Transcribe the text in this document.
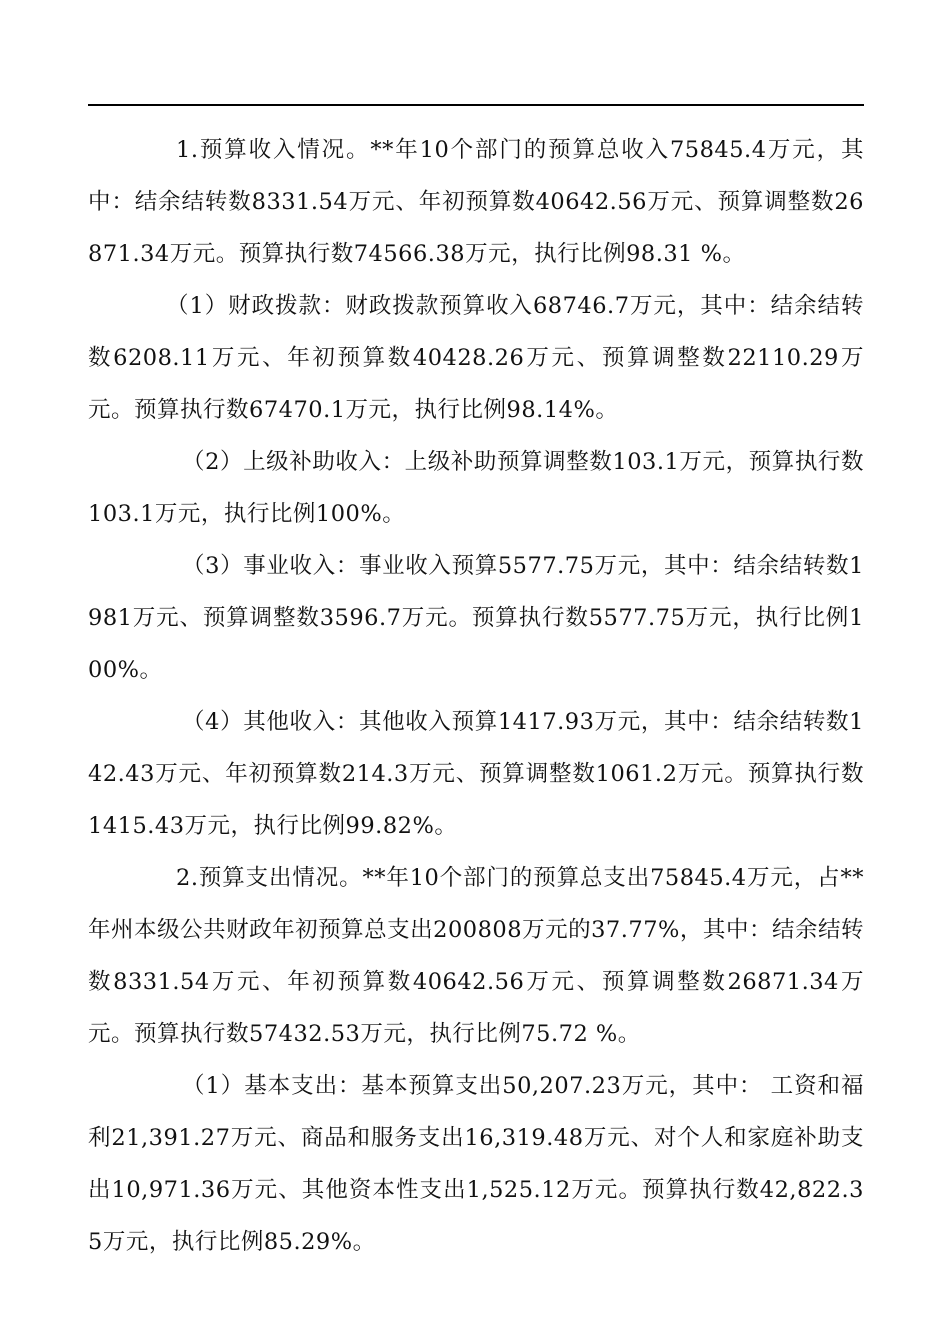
1.预算收入情况。**年10个部门的预算总收入75845.4万元，其中：结余结转数8331.54万元、年初预算数40642.56万元、预算调整数26871.34万元。预算执行数74566.38万元，执行比例98.31 %。

（1）财政拨款：财政拨款预算收入68746.7万元，其中：结余结转数6208.11万元、年初预算数40428.26万元、预算调整数22110.29万元。预算执行数67470.1万元，执行比例98.14%。

（2）上级补助收入：上级补助预算调整数103.1万元，预算执行数103.1万元，执行比例100%。

（3）事业收入：事业收入预算5577.75万元，其中：结余结转数1981万元、预算调整数3596.7万元。预算执行数5577.75万元，执行比例100%。

（4）其他收入：其他收入预算1417.93万元，其中：结余结转数142.43万元、年初预算数214.3万元、预算调整数1061.2万元。预算执行数1415.43万元，执行比例99.82%。

2.预算支出情况。**年10个部门的预算总支出75845.4万元，占**年州本级公共财政年初预算总支出200808万元的37.77%，其中：结余结转数8331.54万元、年初预算数40642.56万元、预算调整数26871.34万元。预算执行数57432.53万元，执行比例75.72 %。

（1）基本支出：基本预算支出50,207.23万元，其中： 工资和福利21,391.27万元、商品和服务支出16,319.48万元、对个人和家庭补助支出10,971.36万元、其他资本性支出1,525.12万元。预算执行数42,822.35万元，执行比例85.29%。
